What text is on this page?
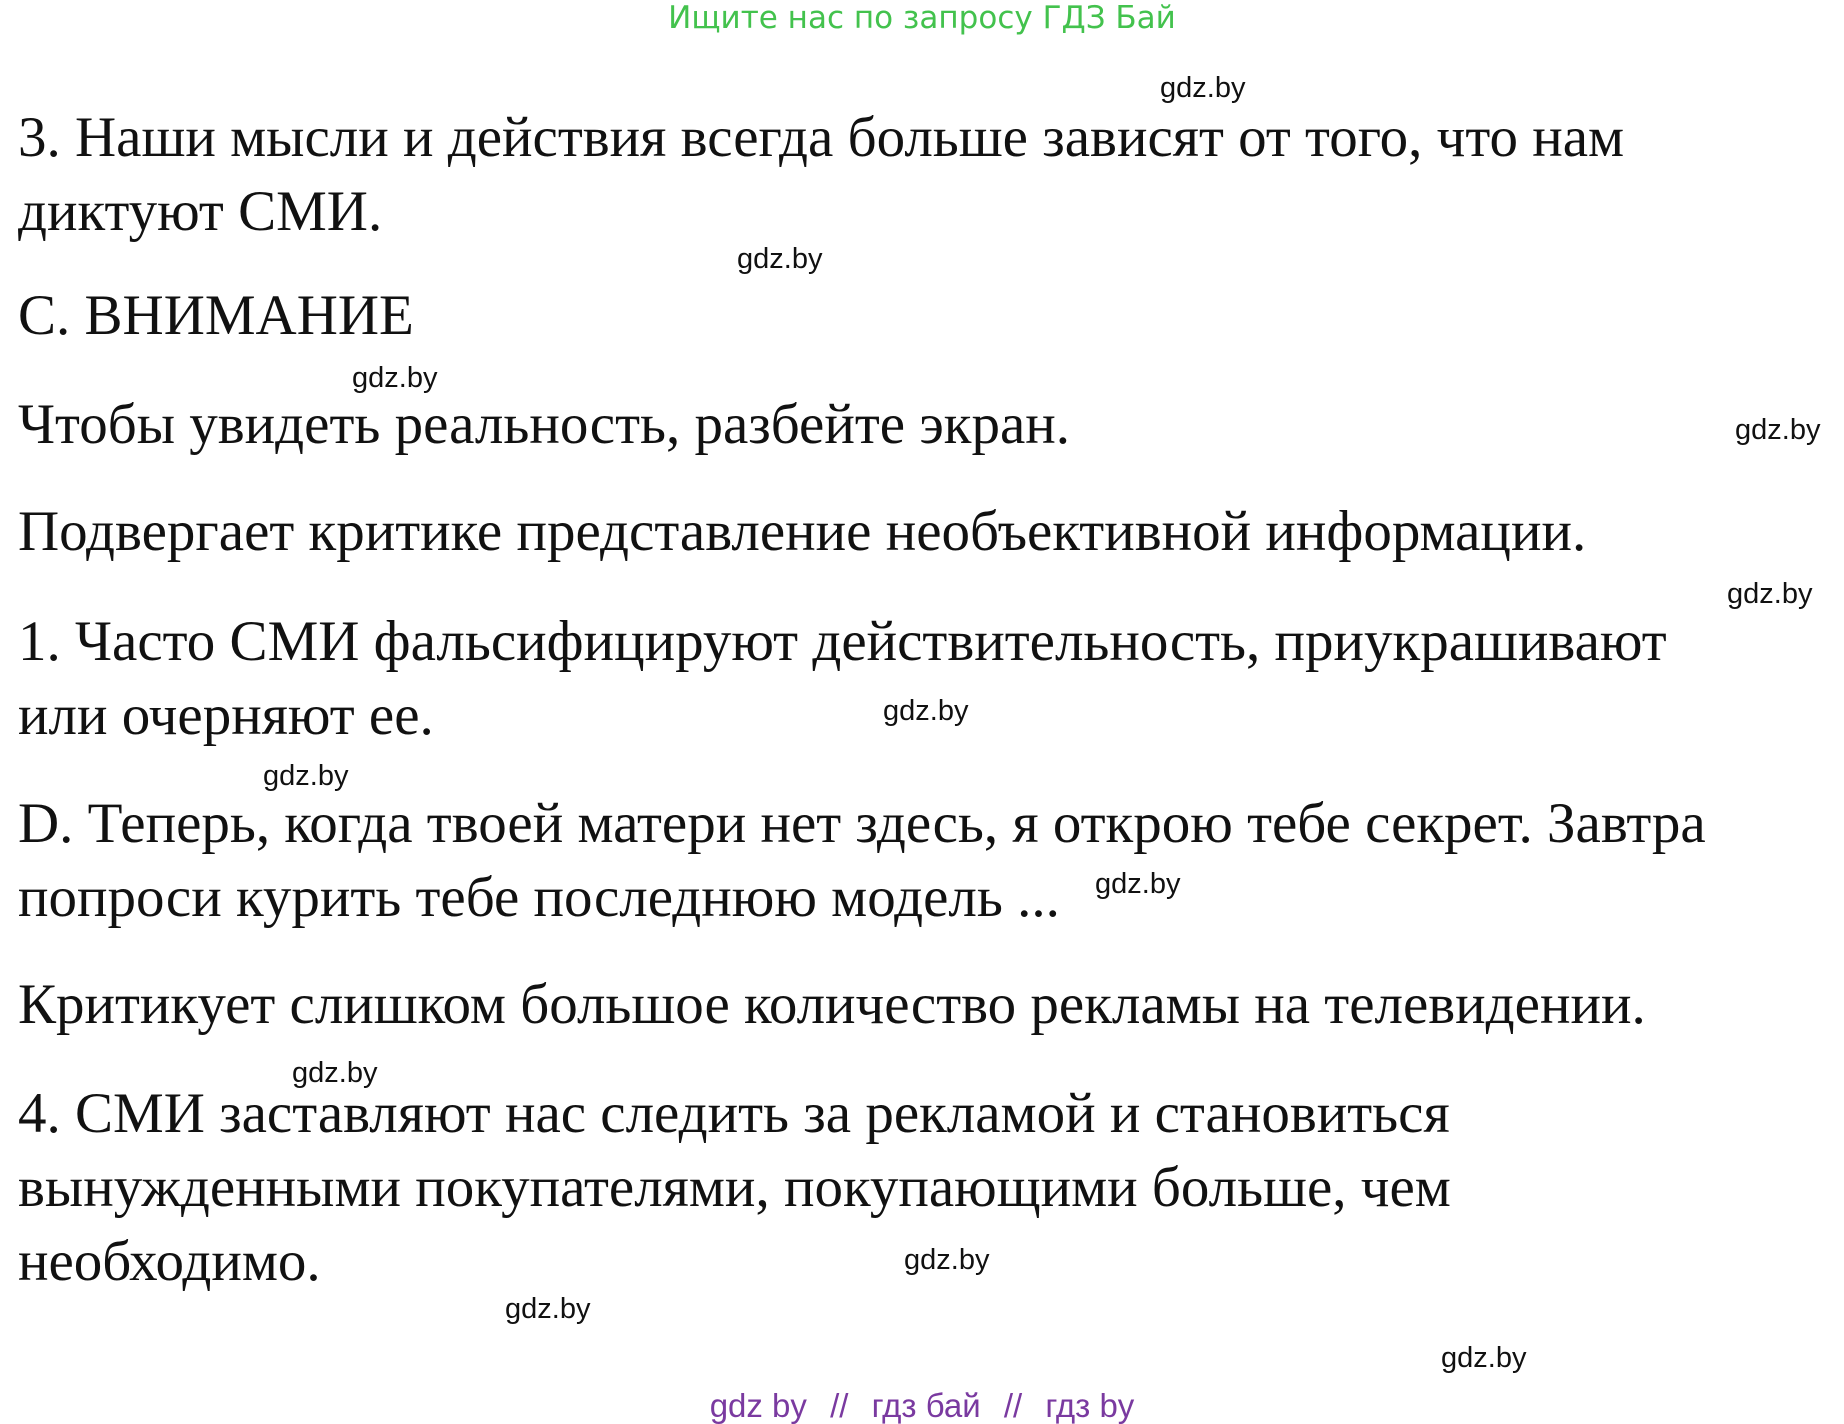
Ищите нас по запросу ГДЗ Бай
gdz.by
gdz.by
gdz.by
gdz.by
gdz.by
gdz.by
gdz.by
gdz.by
gdz.by
gdz.by
gdz.by
gdz.by
3. Наши мысли и действия всегда больше зависят от того, что нам
диктуют СМИ.
С. ВНИМАНИЕ
Чтобы увидеть реальность, разбейте экран.
Подвергает критике представление необъективной информации.
1. Часто СМИ фальсифицируют действительность, приукрашивают
или очерняют ее.
D. Теперь, когда твоей матери нет здесь, я открою тебе секрет. Завтра
попроси курить тебе последнюю модель ...
Критикует слишком большое количество рекламы на телевидении.
4. СМИ заставляют нас следить за рекламой и становиться
вынужденными покупателями, покупающими больше, чем
необходимо.
gdz by // гдз бай // гдз by
